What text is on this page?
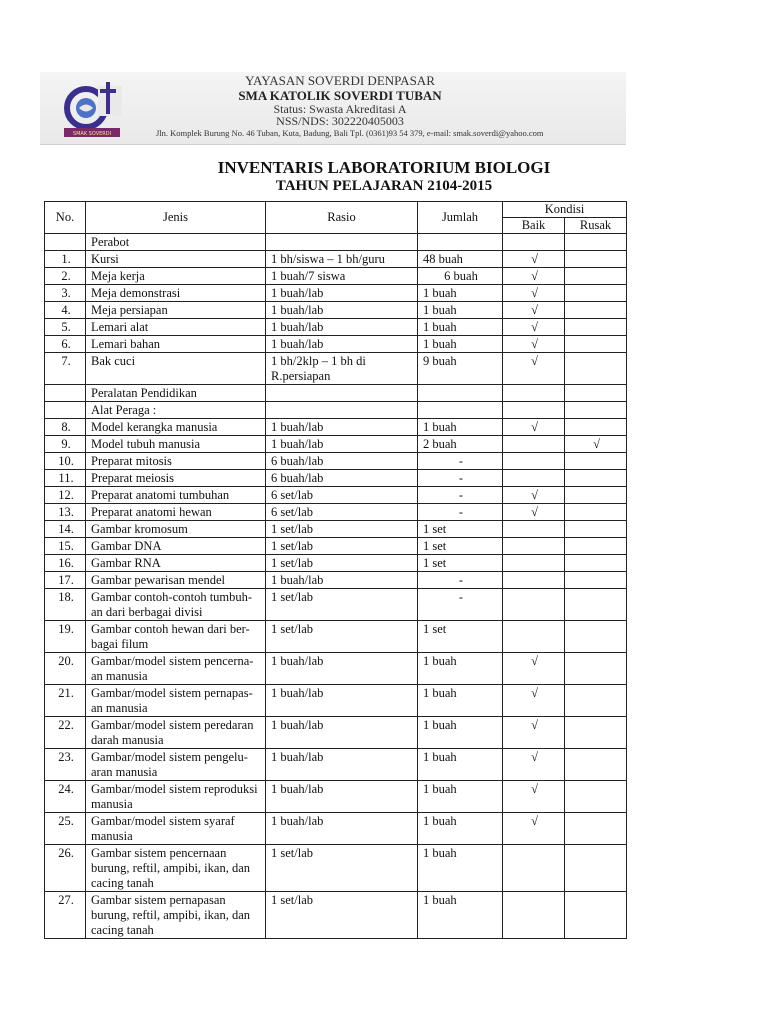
SMAK SOVERDI
YAYASAN SOVERDI DENPASAR
SMA KATOLIK SOVERDI TUBAN
Status: Swasta Akreditasi A
NSS/NDS: 302220405003
Jln. Komplek Burung No. 46 Tuban, Kuta, Badung, Bali Tpl. (0361)93 54 379, e-mail: smak.soverdi@yahoo.com
INVENTARIS LABORATORIUM BIOLOGI
TAHUN PELAJARAN 2104-2015
No.	Jenis	Rasio	Jumlah	Kondisi	
				Baik	Rusak
	Perabot				
1.	Kursi	1 bh/siswa – 1 bh/guru	48 buah	√	
2.	Meja kerja	1 buah/7 siswa	6 buah	√	
3.	Meja demonstrasi	1 buah/lab	1 buah	√	
4.	Meja persiapan	1 buah/lab	1 buah	√	
5.	Lemari alat	1 buah/lab	1 buah	√	
6.	Lemari bahan	1 buah/lab	1 buah	√	
7.	Bak cuci	1 bh/2klp – 1 bh di R.persiapan	9 buah	√	
	Peralatan Pendidikan				
	Alat Peraga :				
8.	Model kerangka manusia	1 buah/lab	1 buah	√	
9.	Model tubuh manusia	1 buah/lab	2 buah		√
10.	Preparat mitosis	6 buah/lab	-		
11.	Preparat meiosis	6 buah/lab	-		
12.	Preparat anatomi tumbuhan	6 set/lab	-	√	
13.	Preparat anatomi hewan	6 set/lab	-	√	
14.	Gambar kromosum	1 set/lab	1 set		
15.	Gambar DNA	1 set/lab	1 set		
16.	Gambar RNA	1 set/lab	1 set		
17.	Gambar pewarisan mendel	1 buah/lab	-		
18.	Gambar contoh-contoh tumbuh-an dari berbagai divisi	1 set/lab	-		
19.	Gambar contoh hewan dari ber-bagai filum	1 set/lab	1 set		
20.	Gambar/model sistem pencerna-an manusia	1 buah/lab	1 buah	√	
21.	Gambar/model sistem pernapas-an manusia	1 buah/lab	1 buah	√	
22.	Gambar/model sistem peredaran darah manusia	1 buah/lab	1 buah	√	
23.	Gambar/model sistem pengelu-aran manusia	1 buah/lab	1 buah	√	
24.	Gambar/model sistem reproduksi manusia	1 buah/lab	1 buah	√	
25.	Gambar/model sistem syaraf manusia	1 buah/lab	1 buah	√	
26.	Gambar sistem pencernaan burung, reftil, ampibi, ikan, dan cacing tanah	1 set/lab	1 buah		
27.	Gambar sistem pernapasan burung, reftil, ampibi, ikan, dan cacing tanah	1 set/lab	1 buah		
